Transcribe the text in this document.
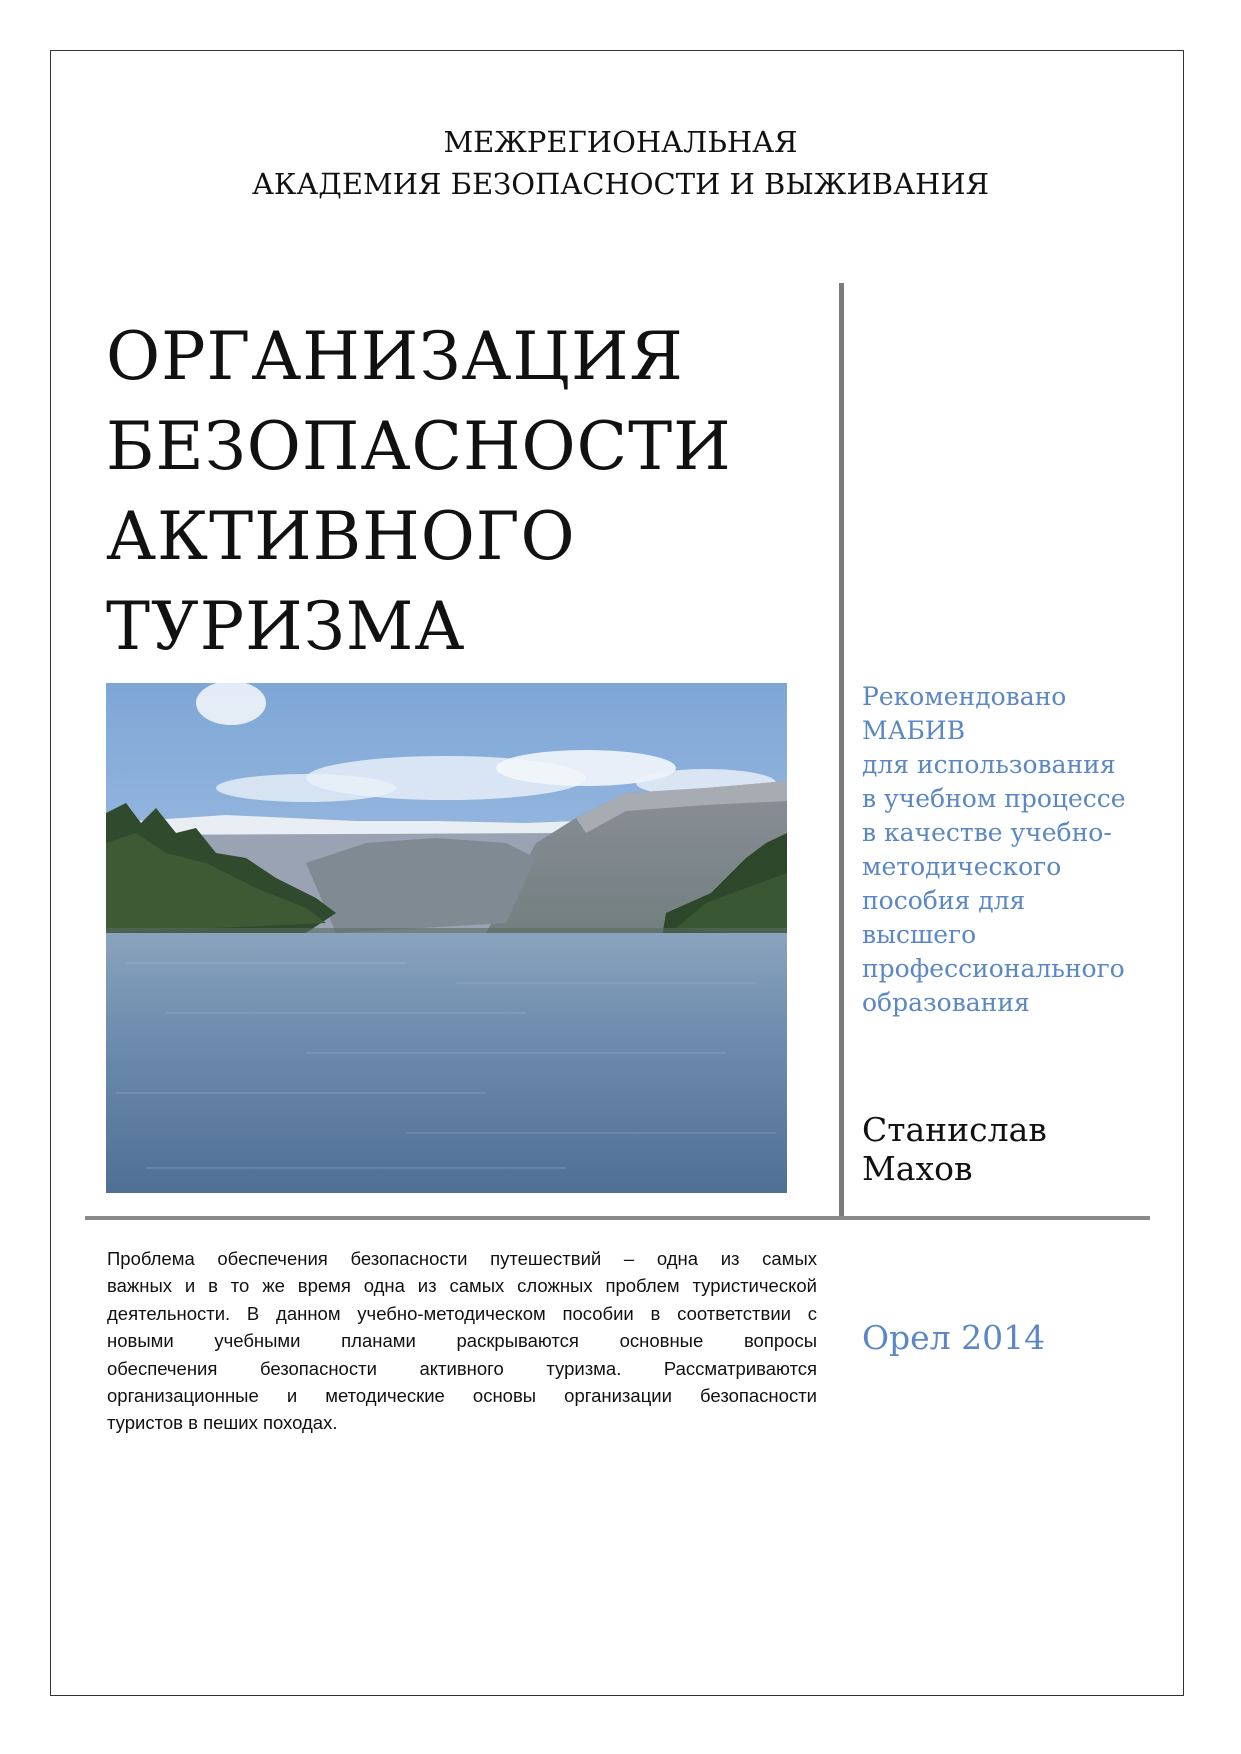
МЕЖРЕГИОНАЛЬНАЯ
АКАДЕМИЯ БЕЗОПАСНОСТИ И ВЫЖИВАНИЯ
ОРГАНИЗАЦИЯ
БЕЗОПАСНОСТИ
АКТИВНОГО
ТУРИЗМА
Рекомендовано
МАБИВ
для использования
в учебном процессе
в качестве учебно-
методического
пособия для
высшего
профессионального
образования
Станислав
Махов
Проблема обеспечения безопасности путешествий – одна из самых
важных и в то же время одна из самых сложных проблем туристической
деятельности. В данном учебно-методическом пособии в соответствии с
новыми учебными планами раскрываются основные вопросы
обеспечения безопасности активного туризма. Рассматриваются
организационные и методические основы организации безопасности
туристов в пеших походах.
Орел 2014
